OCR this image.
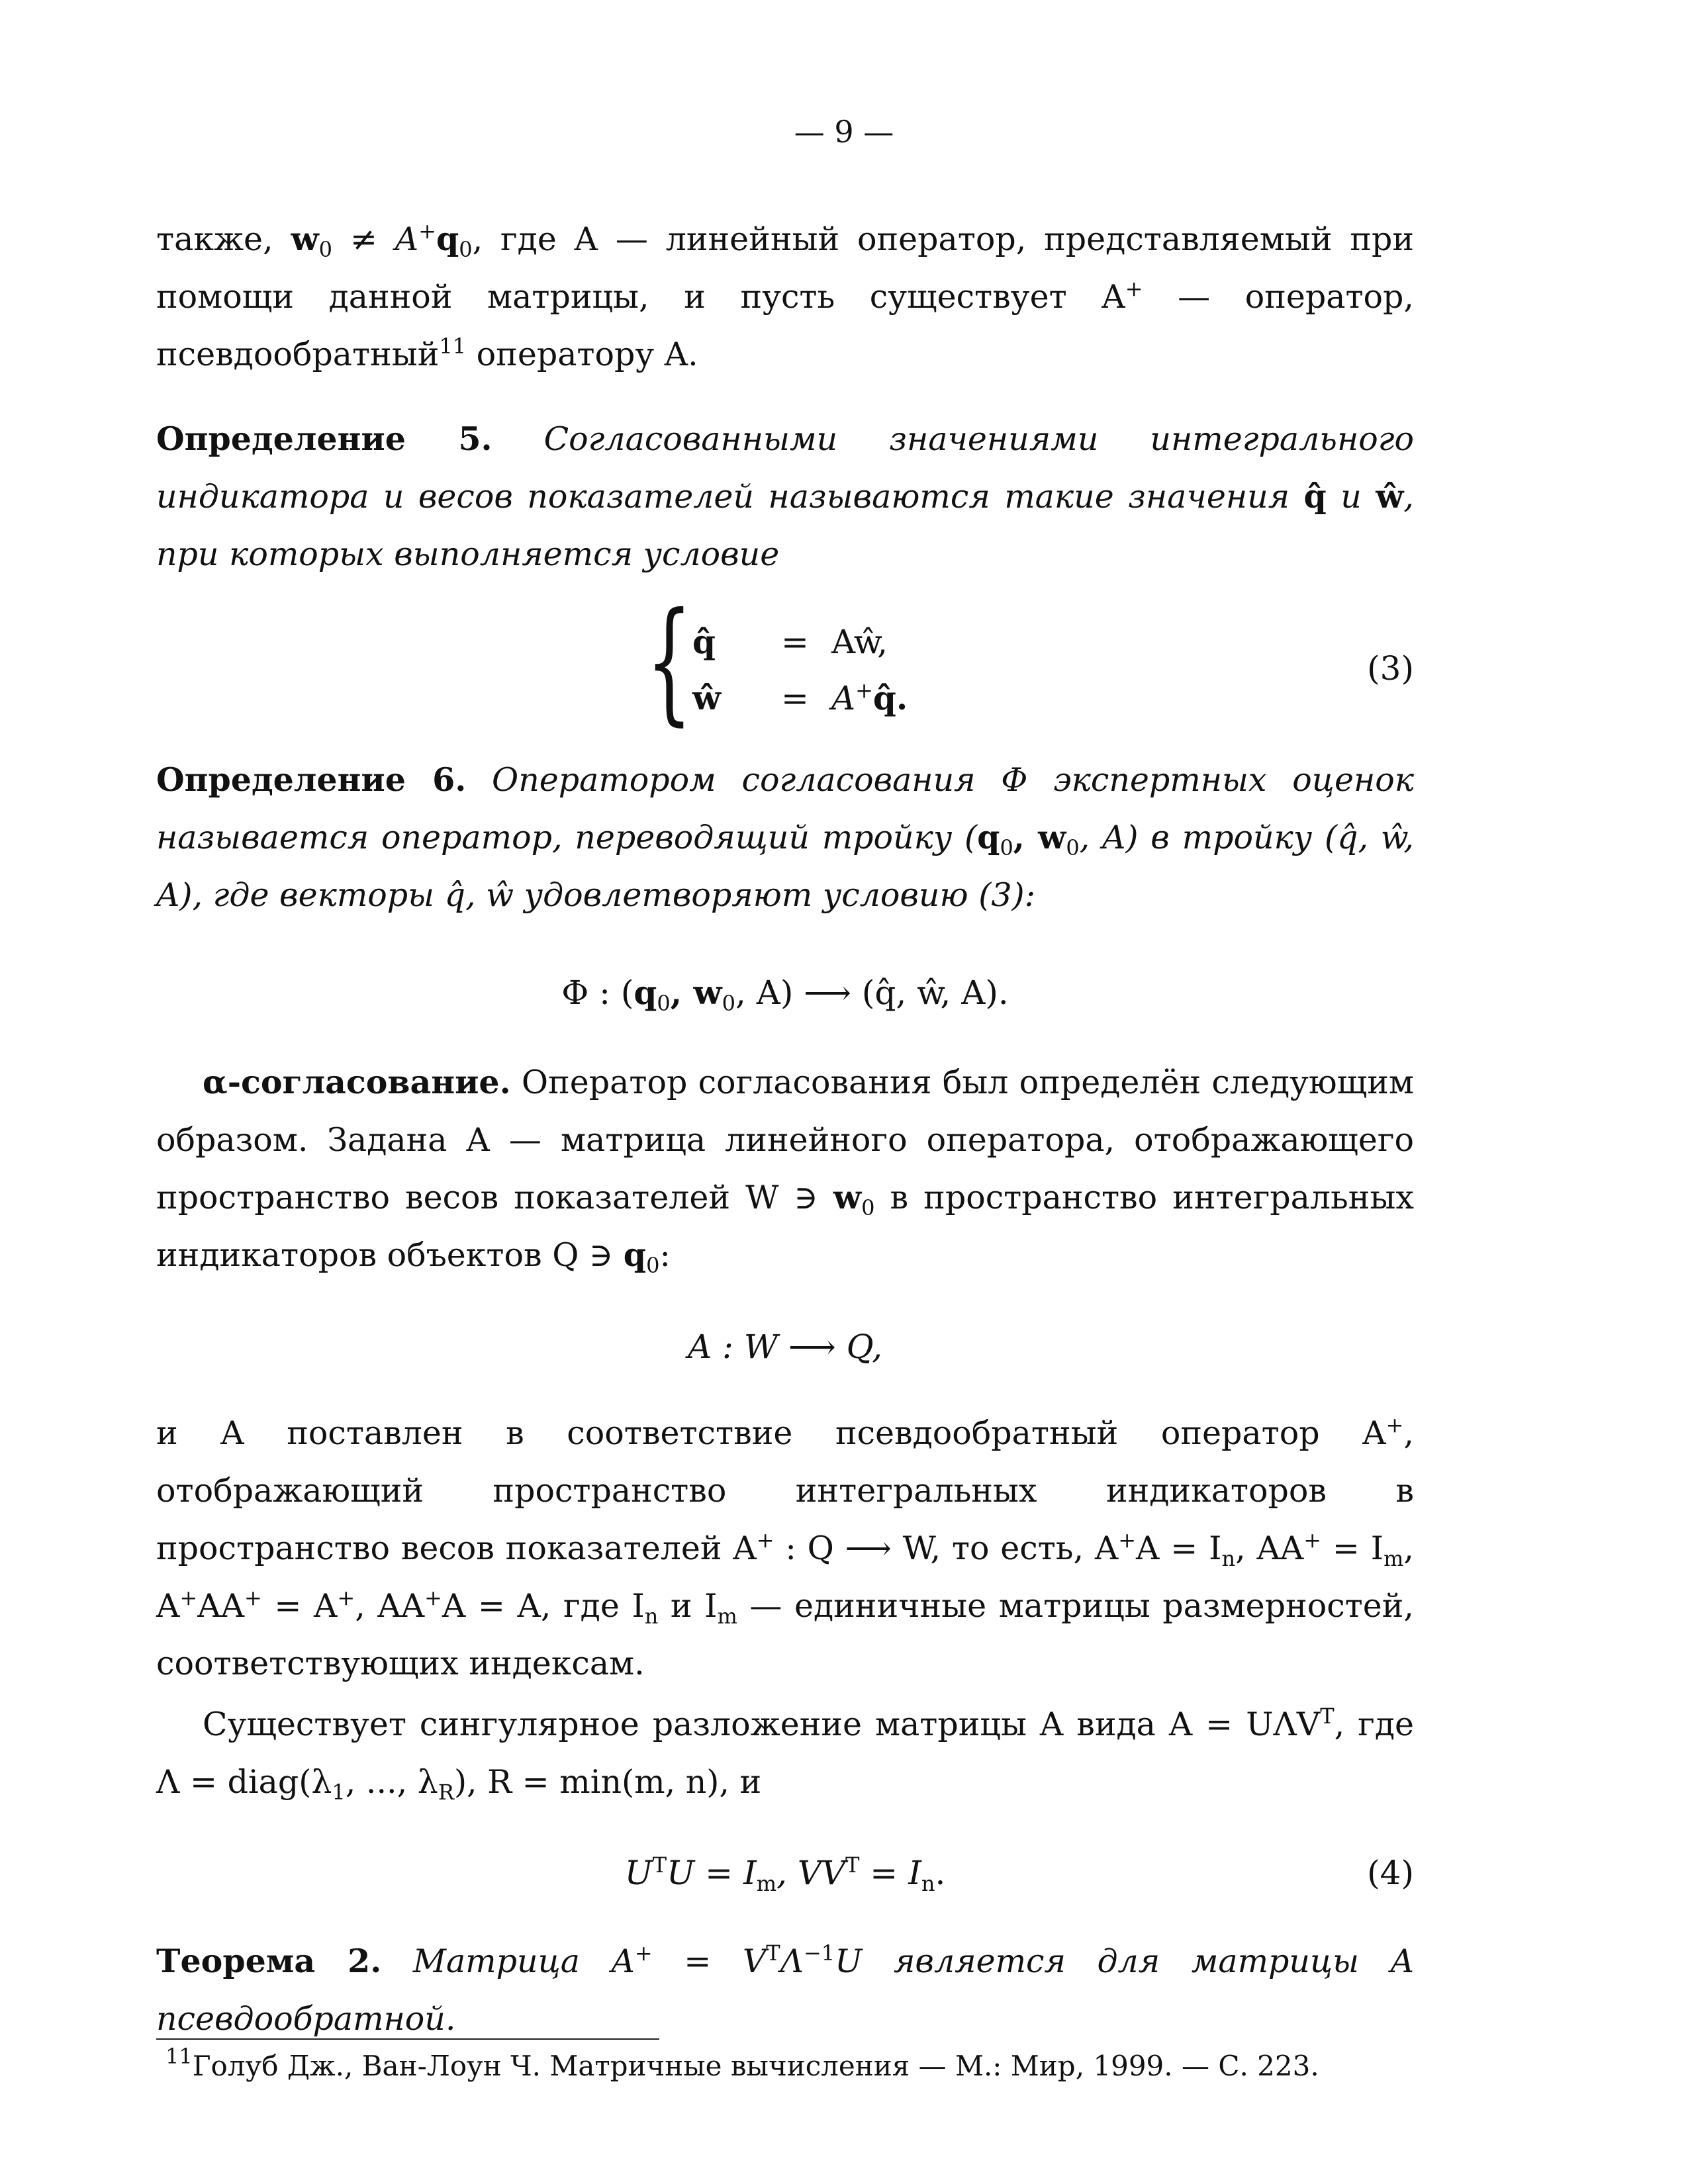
— 9 —

также, $w_0 \ne A^+q_0$, где A — линейный оператор, представляемый при помощи данной матрицы, и пусть существует A+ — оператор, псевдообратный$^{11}$ оператору A.

Определение 5. Согласованными значениями интегрального индикатора и весов показателей называются такие значения q̂ и ŵ, при которых выполняется условие

{ q̂ = Aŵ,
ŵ = A+q̂.
(3)

Определение 6. Оператором согласования Φ экспертных оценок называется оператор, переводящий тройку ($q_0$, $w_0$, A) в тройку (q̂, ŵ, A), где векторы q̂, ŵ удовлетворяют условию (3):

Φ : ($q_0$, $w_0$, A) ⟶ (q̂, ŵ, A).

α-согласование. Оператор согласования был определён следующим образом. Задана A — матрица линейного оператора, отображающего пространство весов показателей W ∋ $w_0$ в пространство интегральных индикаторов объектов Q ∋ $q_0$:

A : W ⟶ Q,

и A поставлен в соответствие псевдообратный оператор A+, отображающий пространство интегральных индикаторов в пространство весов показателей A+ : Q ⟶ W, то есть, $A^+A = I_n$, $AA^+ = I_m$, A+AA+ = A+, AA+A = A, где $I_n$ и $I_m$ — единичные матрицы размерностей, соответствующих индексам.

Существует сингулярное разложение матрицы A вида $A = U\Lambda V^T$, где $\Lambda = diag(\lambda_1$, ..., $\lambda_R$), R = min(m, n), и

$U^TU = I_m$, $VV^T = I_n$.	(4)

Теорема 2. Матрица $A^+ = V^T\Lambda^{-1}U$ является для матрицы A псевдообратной.

$^{11}$Голуб Дж., Ван-Лоун Ч. Матричные вычисления — М.: Мир, 1999. — С. 223.
